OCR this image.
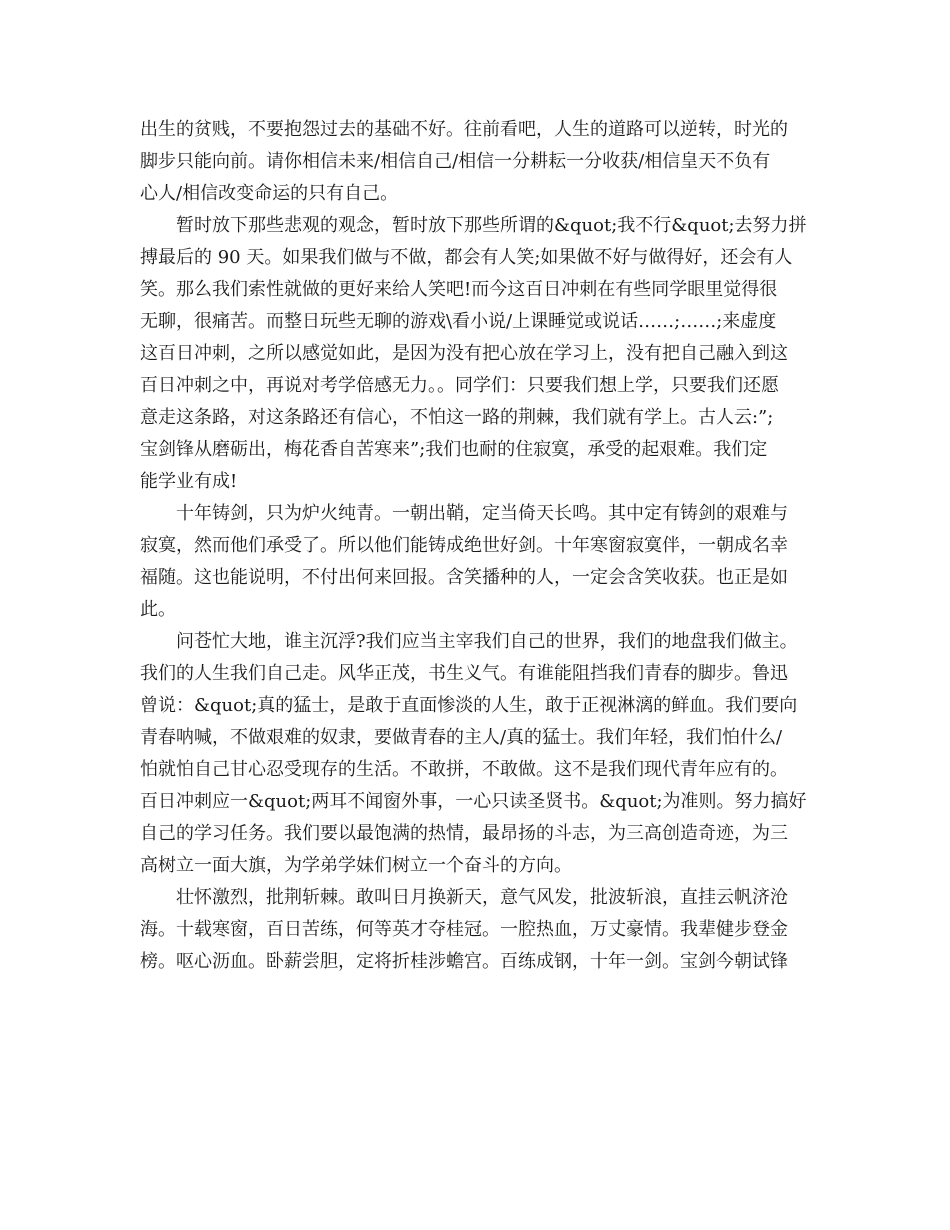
出生的贫贱，不要抱怨过去的基础不好。往前看吧，人生的道路可以逆转，时光的
脚步只能向前。请你相信未来/相信自己/相信一分耕耘一分收获/相信皇天不负有
心人/相信改变命运的只有自己。
　　暂时放下那些悲观的观念，暂时放下那些所谓的&quot;我不行&quot;去努力拼
搏最后的 90 天。如果我们做与不做，都会有人笑;如果做不好与做得好，还会有人
笑。那么我们索性就做的更好来给人笑吧!而今这百日冲刺在有些同学眼里觉得很
无聊，很痛苦。而整日玩些无聊的游戏\看小说/上课睡觉或说话……;……;来虚度
这百日冲刺，之所以感觉如此，是因为没有把心放在学习上，没有把自己融入到这
百日冲刺之中，再说对考学倍感无力。。同学们：只要我们想上学，只要我们还愿
意走这条路，对这条路还有信心，不怕这一路的荆棘，我们就有学上。古人云:”;
宝剑锋从磨砺出，梅花香自苦寒来”;我们也耐的住寂寞，承受的起艰难。我们定
能学业有成!
　　十年铸剑，只为炉火纯青。一朝出鞘，定当倚天长鸣。其中定有铸剑的艰难与
寂寞，然而他们承受了。所以他们能铸成绝世好剑。十年寒窗寂寞伴，一朝成名幸
福随。这也能说明，不付出何来回报。含笑播种的人，一定会含笑收获。也正是如
此。
　　问苍忙大地，谁主沉浮?我们应当主宰我们自己的世界，我们的地盘我们做主。
我们的人生我们自己走。风华正茂，书生义气。有谁能阻挡我们青春的脚步。鲁迅
曾说：&quot;真的猛士，是敢于直面惨淡的人生，敢于正视淋漓的鲜血。我们要向
青春呐喊，不做艰难的奴隶，要做青春的主人/真的猛士。我们年轻，我们怕什么/
怕就怕自己甘心忍受现存的生活。不敢拼，不敢做。这不是我们现代青年应有的。
百日冲刺应一&quot;两耳不闻窗外事，一心只读圣贤书。&quot;为准则。努力搞好
自己的学习任务。我们要以最饱满的热情，最昂扬的斗志，为三高创造奇迹，为三
高树立一面大旗，为学弟学妹们树立一个奋斗的方向。
　　壮怀激烈，批荆斩棘。敢叫日月换新天，意气风发，批波斩浪，直挂云帆济沧
海。十载寒窗，百日苦练，何等英才夺桂冠。一腔热血，万丈豪情。我辈健步登金
榜。呕心沥血。卧薪尝胆，定将折桂涉蟾宫。百练成钢，十年一剑。宝剑今朝试锋
